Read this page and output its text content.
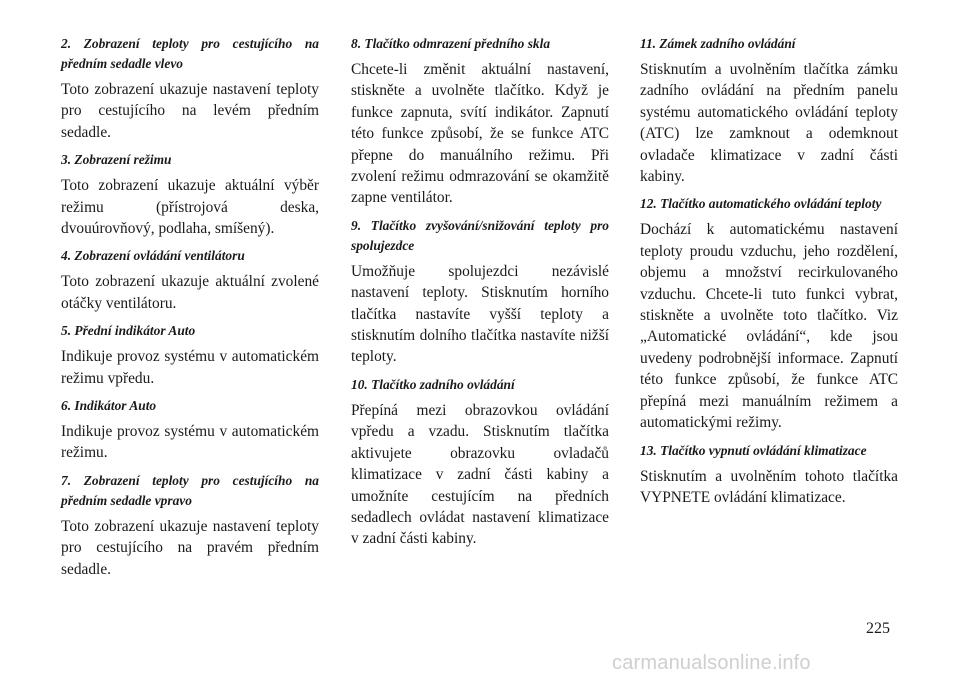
2. Zobrazení teploty pro cestujícího na předním sedadle vlevo
Toto zobrazení ukazuje nastavení teploty pro cestujícího na levém předním sedadle.
3. Zobrazení režimu
Toto zobrazení ukazuje aktuální výběr režimu (přístrojová deska, dvouúrovňový, podlaha, smíšený).
4. Zobrazení ovládání ventilátoru
Toto zobrazení ukazuje aktuální zvolené otáčky ventilátoru.
5. Přední indikátor Auto
Indikuje provoz systému v automatickém režimu vpředu.
6. Indikátor Auto
Indikuje provoz systému v automatickém režimu.
7. Zobrazení teploty pro cestujícího na předním sedadle vpravo
Toto zobrazení ukazuje nastavení teploty pro cestujícího na pravém předním sedadle.
8. Tlačítko odmrazení předního skla
Chcete-li změnit aktuální nastavení, stiskněte a uvolněte tlačítko. Když je funkce zapnuta, svítí indikátor. Zapnutí této funkce způsobí, že se funkce ATC přepne do manuálního režimu. Při zvolení režimu odmrazování se okamžitě zapne ventilátor.
9. Tlačítko zvyšování/snižování teploty pro spolujezdce
Umožňuje spolujezdci nezávislé nastavení teploty. Stisknutím horního tlačítka nastavíte vyšší teploty a stisknutím dolního tlačítka nastavíte nižší teploty.
10. Tlačítko zadního ovládání
Přepíná mezi obrazovkou ovládání vpředu a vzadu. Stisknutím tlačítka aktivujete obrazovku ovladačů klimatizace v zadní části kabiny a umožníte cestujícím na předních sedadlech ovládat nastavení klimatizace v zadní části kabiny.
11. Zámek zadního ovládání
Stisknutím a uvolněním tlačítka zámku zadního ovládání na předním panelu systému automatického ovládání teploty (ATC) lze zamknout a odemknout ovladače klimatizace v zadní části kabiny.
12. Tlačítko automatického ovládání teploty
Dochází k automatickému nastavení teploty proudu vzduchu, jeho rozdělení, objemu a množství recirkulovaného vzduchu. Chcete-li tuto funkci vybrat, stiskněte a uvolněte toto tlačítko. Viz „Automatické ovládání“, kde jsou uvedeny podrobnější informace. Zapnutí této funkce způsobí, že funkce ATC přepíná mezi manuálním režimem a automatickými režimy.
13. Tlačítko vypnutí ovládání klimatizace
Stisknutím a uvolněním tohoto tlačítka VYPNETE ovládání klimatizace.
225
carmanualsonline.info
